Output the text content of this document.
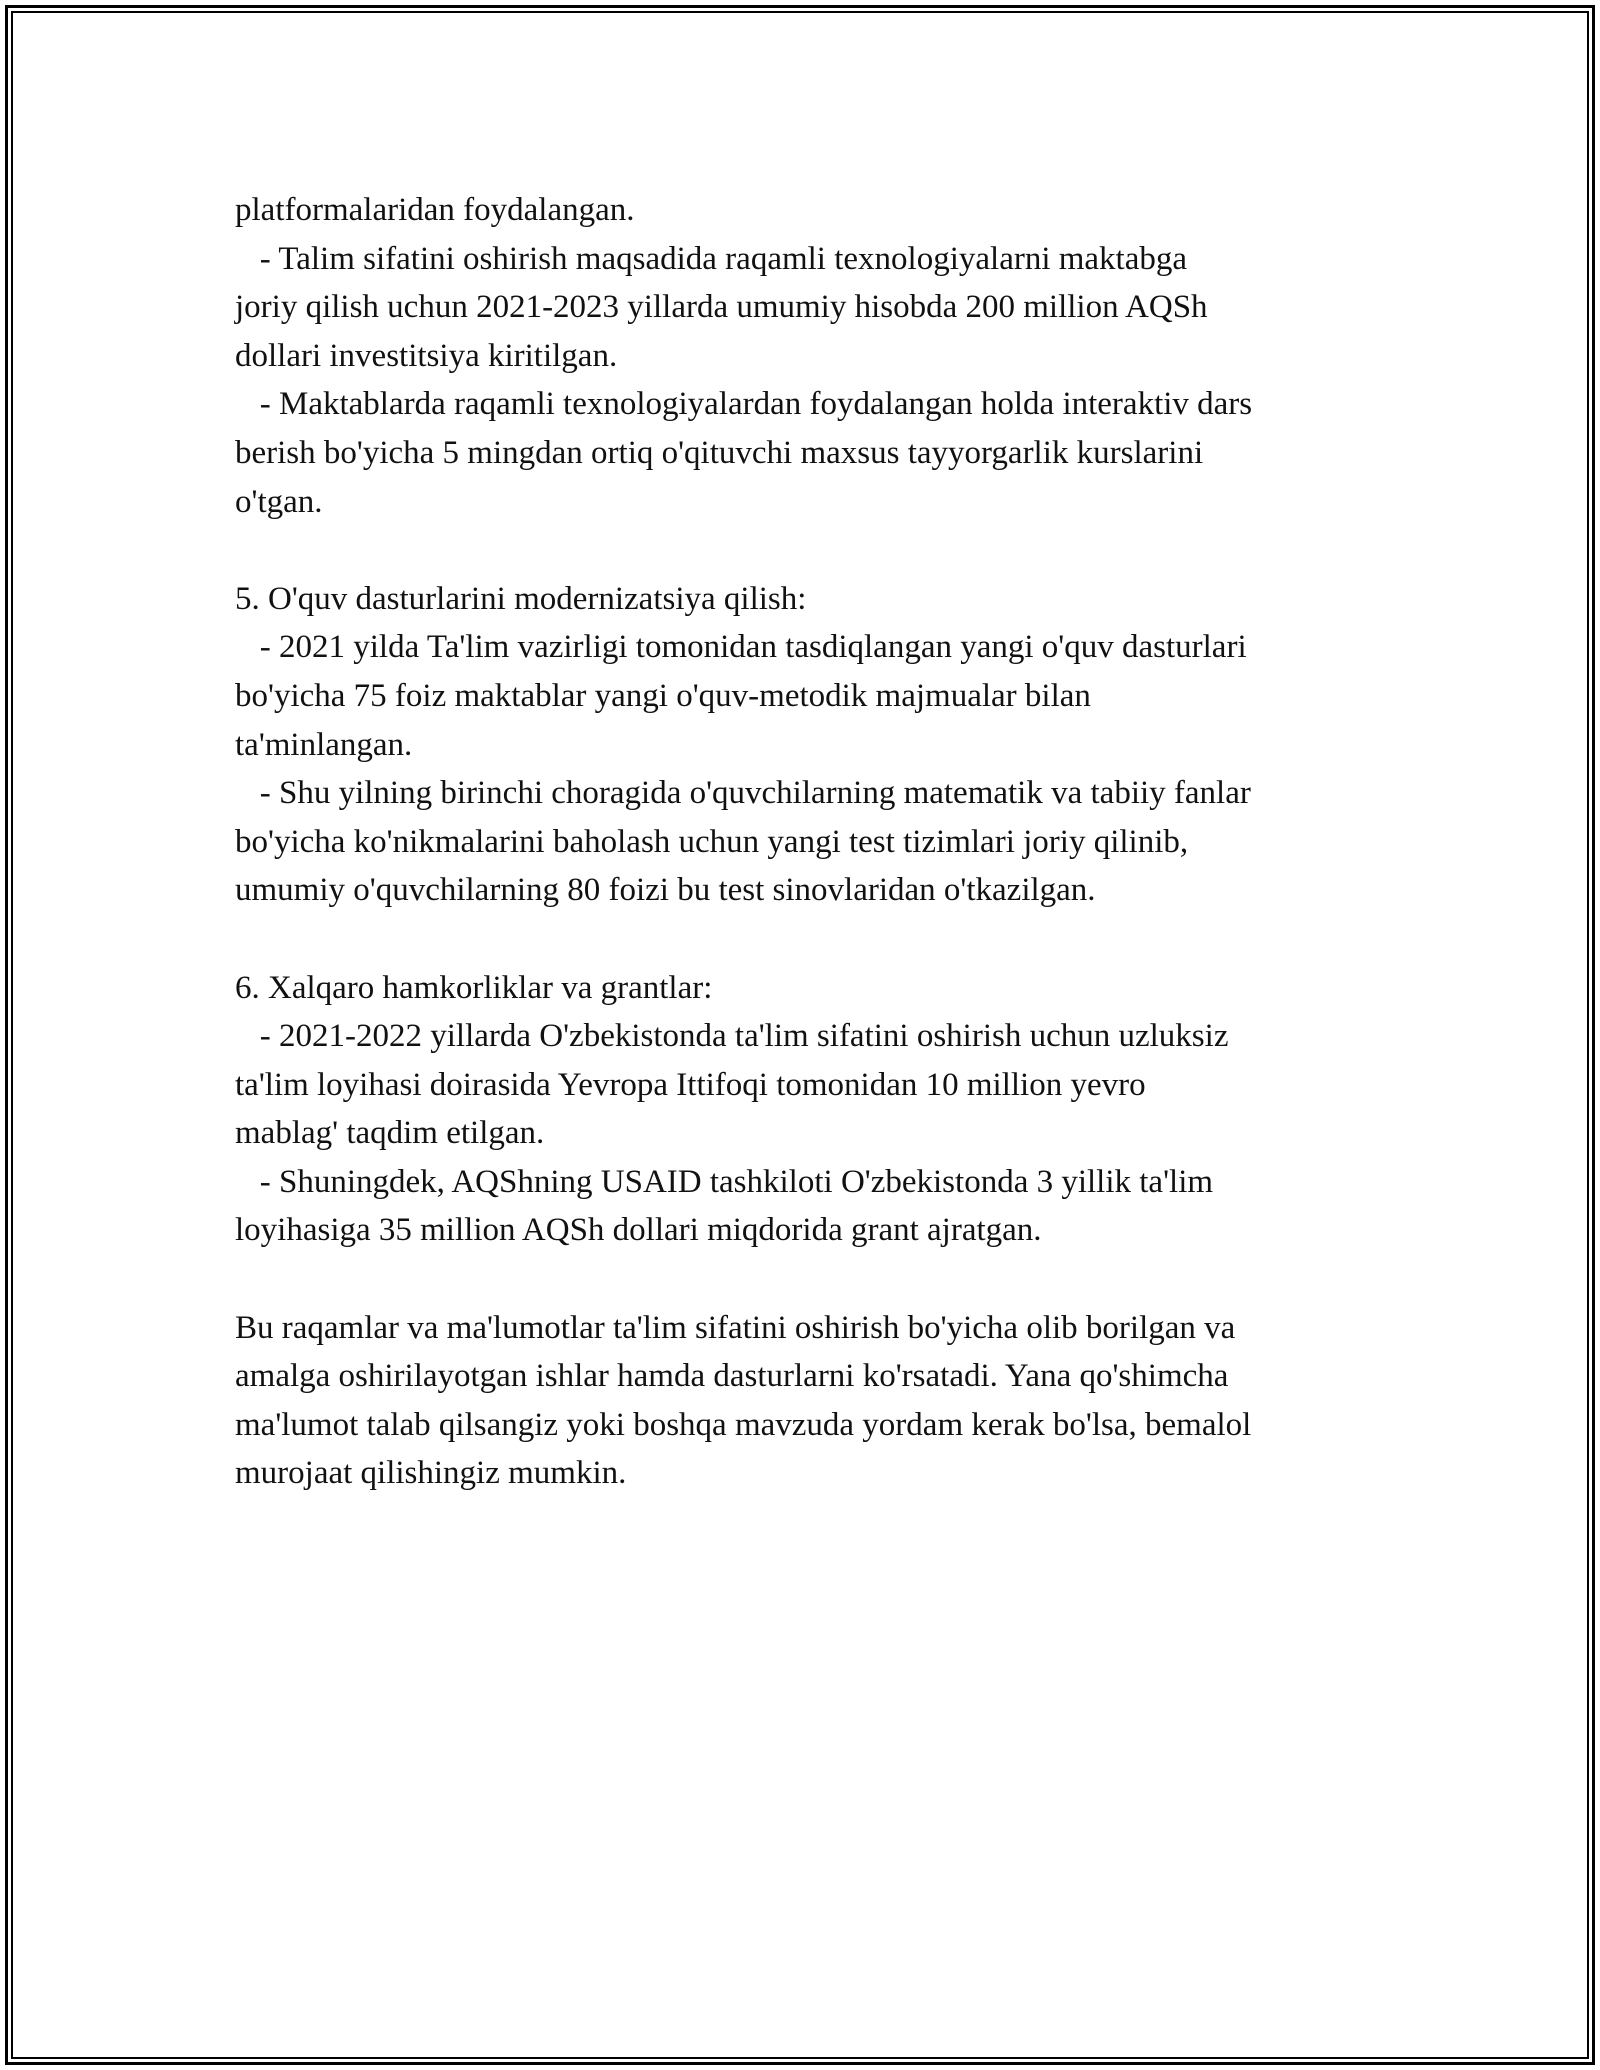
platformalaridan foydalangan.
- Talim sifatini oshirish maqsadida raqamli texnologiyalarni maktabga
joriy qilish uchun 2021-2023 yillarda umumiy hisobda 200 million AQSh
dollari investitsiya kiritilgan.
- Maktablarda raqamli texnologiyalardan foydalangan holda interaktiv dars
berish bo'yicha 5 mingdan ortiq o'qituvchi maxsus tayyorgarlik kurslarini
o'tgan.
5. O'quv dasturlarini modernizatsiya qilish:
- 2021 yilda Ta'lim vazirligi tomonidan tasdiqlangan yangi o'quv dasturlari
bo'yicha 75 foiz maktablar yangi o'quv-metodik majmualar bilan
ta'minlangan.
- Shu yilning birinchi choragida o'quvchilarning matematik va tabiiy fanlar
bo'yicha ko'nikmalarini baholash uchun yangi test tizimlari joriy qilinib,
umumiy o'quvchilarning 80 foizi bu test sinovlaridan o'tkazilgan.
6. Xalqaro hamkorliklar va grantlar:
- 2021-2022 yillarda O'zbekistonda ta'lim sifatini oshirish uchun uzluksiz
ta'lim loyihasi doirasida Yevropa Ittifoqi tomonidan 10 million yevro
mablag' taqdim etilgan.
- Shuningdek, AQShning USAID tashkiloti O'zbekistonda 3 yillik ta'lim
loyihasiga 35 million AQSh dollari miqdorida grant ajratgan.
Bu raqamlar va ma'lumotlar ta'lim sifatini oshirish bo'yicha olib borilgan va
amalga oshirilayotgan ishlar hamda dasturlarni ko'rsatadi. Yana qo'shimcha
ma'lumot talab qilsangiz yoki boshqa mavzuda yordam kerak bo'lsa, bemalol
murojaat qilishingiz mumkin.
